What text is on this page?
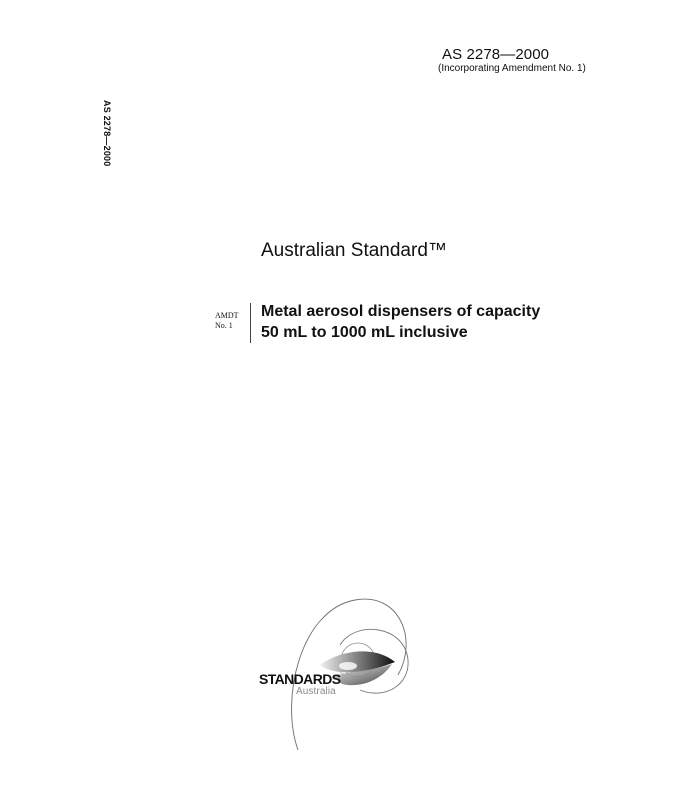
AS 2278—2000
(Incorporating Amendment No. 1)
AS 2278—2000
Australian Standard™
AMDT
No. 1
Metal aerosol dispensers of capacity
50 mL to 1000 mL inclusive
STANDARDS
Australia
